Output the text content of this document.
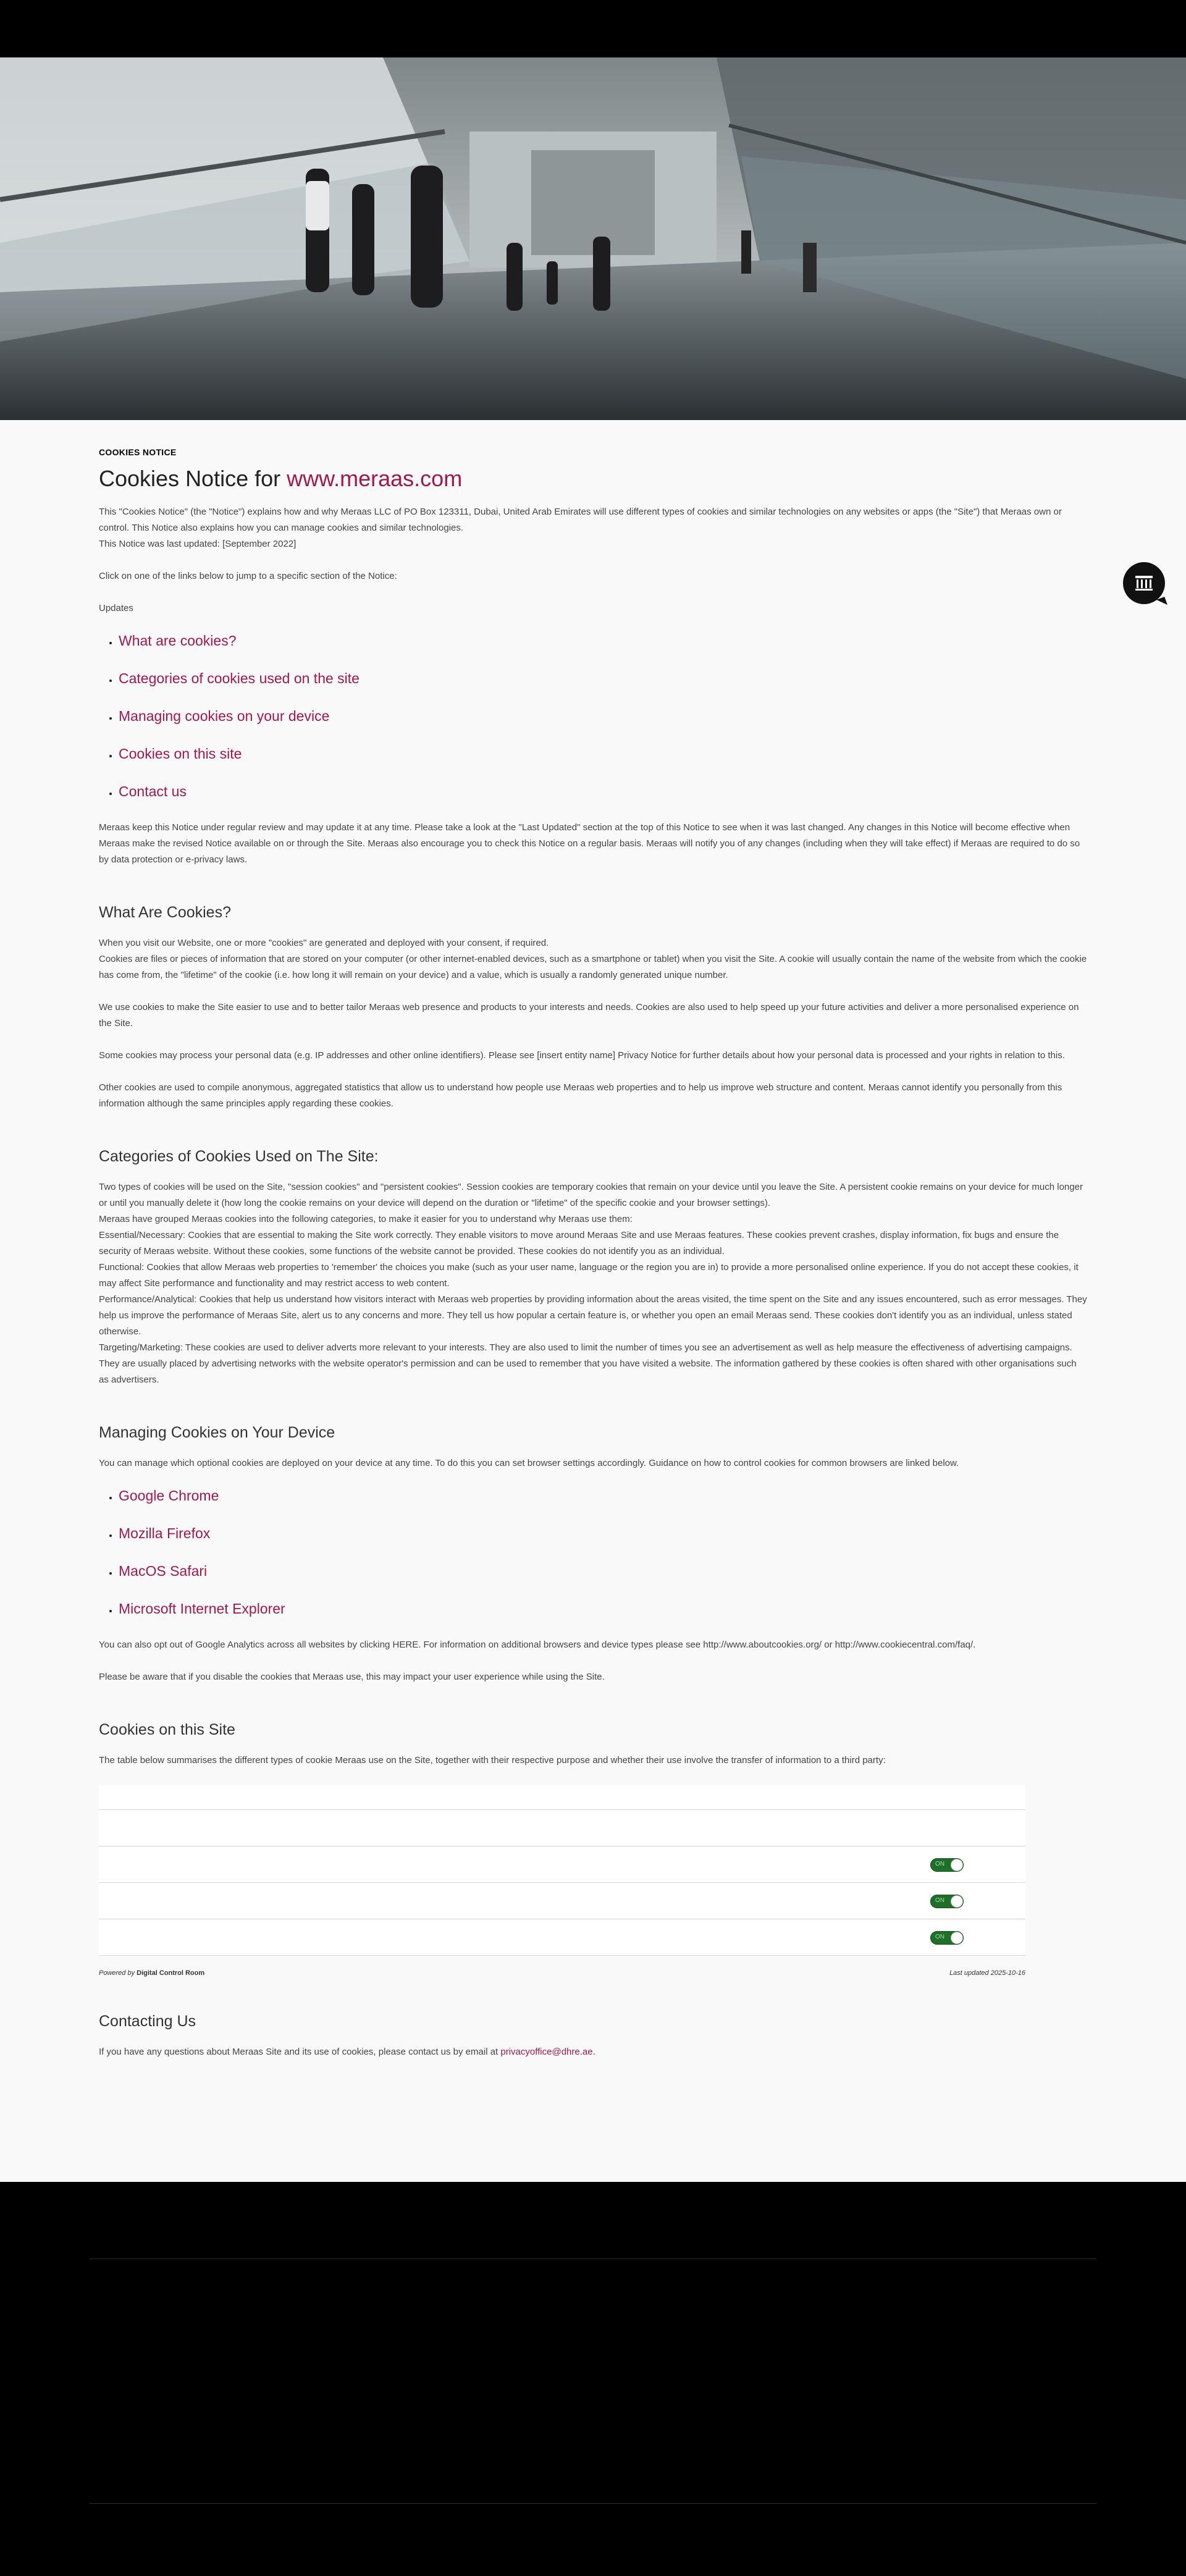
COOKIES NOTICE
Cookies Notice for www.meraas.com

This "Cookies Notice" (the "Notice") explains how and why Meraas LLC of PO Box 123311, Dubai, United Arab Emirates will use different types of cookies and similar technologies on any websites or apps (the "Site") that Meraas own or control. This Notice also explains how you can manage cookies and similar technologies.

This Notice was last updated: [September 2022]

Click on one of the links below to jump to a specific section of the Notice:

Updates

• What are cookies?
• Categories of cookies used on the site
• Managing cookies on your device
• Cookies on this site
• Contact us

Meraas keep this Notice under regular review and may update it at any time. Please take a look at the "Last Updated" section at the top of this Notice to see when it was last changed. Any changes in this Notice will become effective when Meraas make the revised Notice available on or through the Site. Meraas also encourage you to check this Notice on a regular basis. Meraas will notify you of any changes (including when they will take effect) if Meraas are required to do so by data protection or e-privacy laws.

What Are Cookies?

When you visit our Website, one or more "cookies" are generated and deployed with your consent, if required.

Cookies are files or pieces of information that are stored on your computer (or other internet-enabled devices, such as a smartphone or tablet) when you visit the Site. A cookie will usually contain the name of the website from which the cookie has come from, the "lifetime" of the cookie (i.e. how long it will remain on your device) and a value, which is usually a randomly generated unique number.

We use cookies to make the Site easier to use and to better tailor Meraas web presence and products to your interests and needs. Cookies are also used to help speed up your future activities and deliver a more personalised experience on the Site.

Some cookies may process your personal data (e.g. IP addresses and other online identifiers). Please see [insert entity name] Privacy Notice for further details about how your personal data is processed and your rights in relation to this.

Other cookies are used to compile anonymous, aggregated statistics that allow us to understand how people use Meraas web properties and to help us improve web structure and content. Meraas cannot identify you personally from this information although the same principles apply regarding these cookies.

Categories of Cookies Used on The Site:

Two types of cookies will be used on the Site, "session cookies" and "persistent cookies". Session cookies are temporary cookies that remain on your device until you leave the Site. A persistent cookie remains on your device for much longer or until you manually delete it (how long the cookie remains on your device will depend on the duration or "lifetime" of the specific cookie and your browser settings).

Meraas have grouped Meraas cookies into the following categories, to make it easier for you to understand why Meraas use them:

Essential/Necessary: Cookies that are essential to making the Site work correctly. They enable visitors to move around Meraas Site and use Meraas features. These cookies prevent crashes, display information, fix bugs and ensure the security of Meraas website. Without these cookies, some functions of the website cannot be provided. These cookies do not identify you as an individual.

Functional: Cookies that allow Meraas web properties to 'remember' the choices you make (such as your user name, language or the region you are in) to provide a more personalised online experience. If you do not accept these cookies, it may affect Site performance and functionality and may restrict access to web content.

Performance/Analytical: Cookies that help us understand how visitors interact with Meraas web properties by providing information about the areas visited, the time spent on the Site and any issues encountered, such as error messages. They help us improve the performance of Meraas Site, alert us to any concerns and more. They tell us how popular a certain feature is, or whether you open an email Meraas send. These cookies don't identify you as an individual, unless stated otherwise.

Targeting/Marketing: These cookies are used to deliver adverts more relevant to your interests. They are also used to limit the number of times you see an advertisement as well as help measure the effectiveness of advertising campaigns. They are usually placed by advertising networks with the website operator's permission and can be used to remember that you have visited a website. The information gathered by these cookies is often shared with other organisations such as advertisers.

Managing Cookies on Your Device

You can manage which optional cookies are deployed on your device at any time. To do this you can set browser settings accordingly. Guidance on how to control cookies for common browsers are linked below.

• Google Chrome
• Mozilla Firefox
• MacOS Safari
• Microsoft Internet Explorer

You can also opt out of Google Analytics across all websites by clicking HERE. For information on additional browsers and device types please see http://www.aboutcookies.org/ or http://www.cookiecentral.com/faq/.

Please be aware that if you disable the cookies that Meraas use, this may impact your user experience while using the Site.

Cookies on this Site

The table below summarises the different types of cookie Meraas use on the Site, together with their respective purpose and whether their use involve the transfer of information to a third party:

ON
ON
ON
Powered by Digital Control Room	Last updated 2025-10-16
Contacting Us

If you have any questions about Meraas Site and its use of cookies, please contact us by email at privacyoffice@dhre.ae.
